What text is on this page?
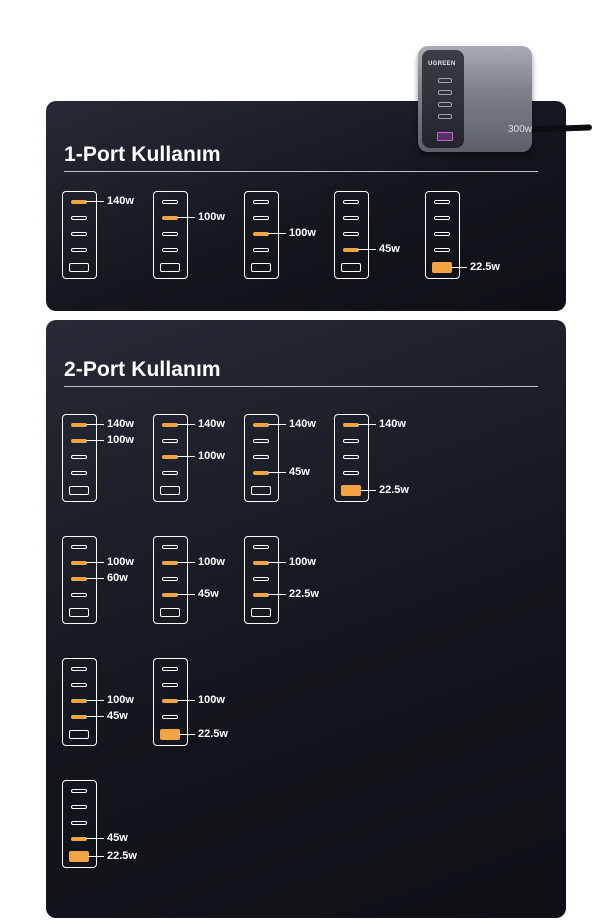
1-Port Kullanım
140w
100w
100w
45w
22.5w
2-Port Kullanım
140w
100w
140w
100w
140w
45w
140w
22.5w
100w
60w
100w
45w
100w
22.5w
100w
45w
100w
22.5w
45w
22.5w
UGREEN
300w
